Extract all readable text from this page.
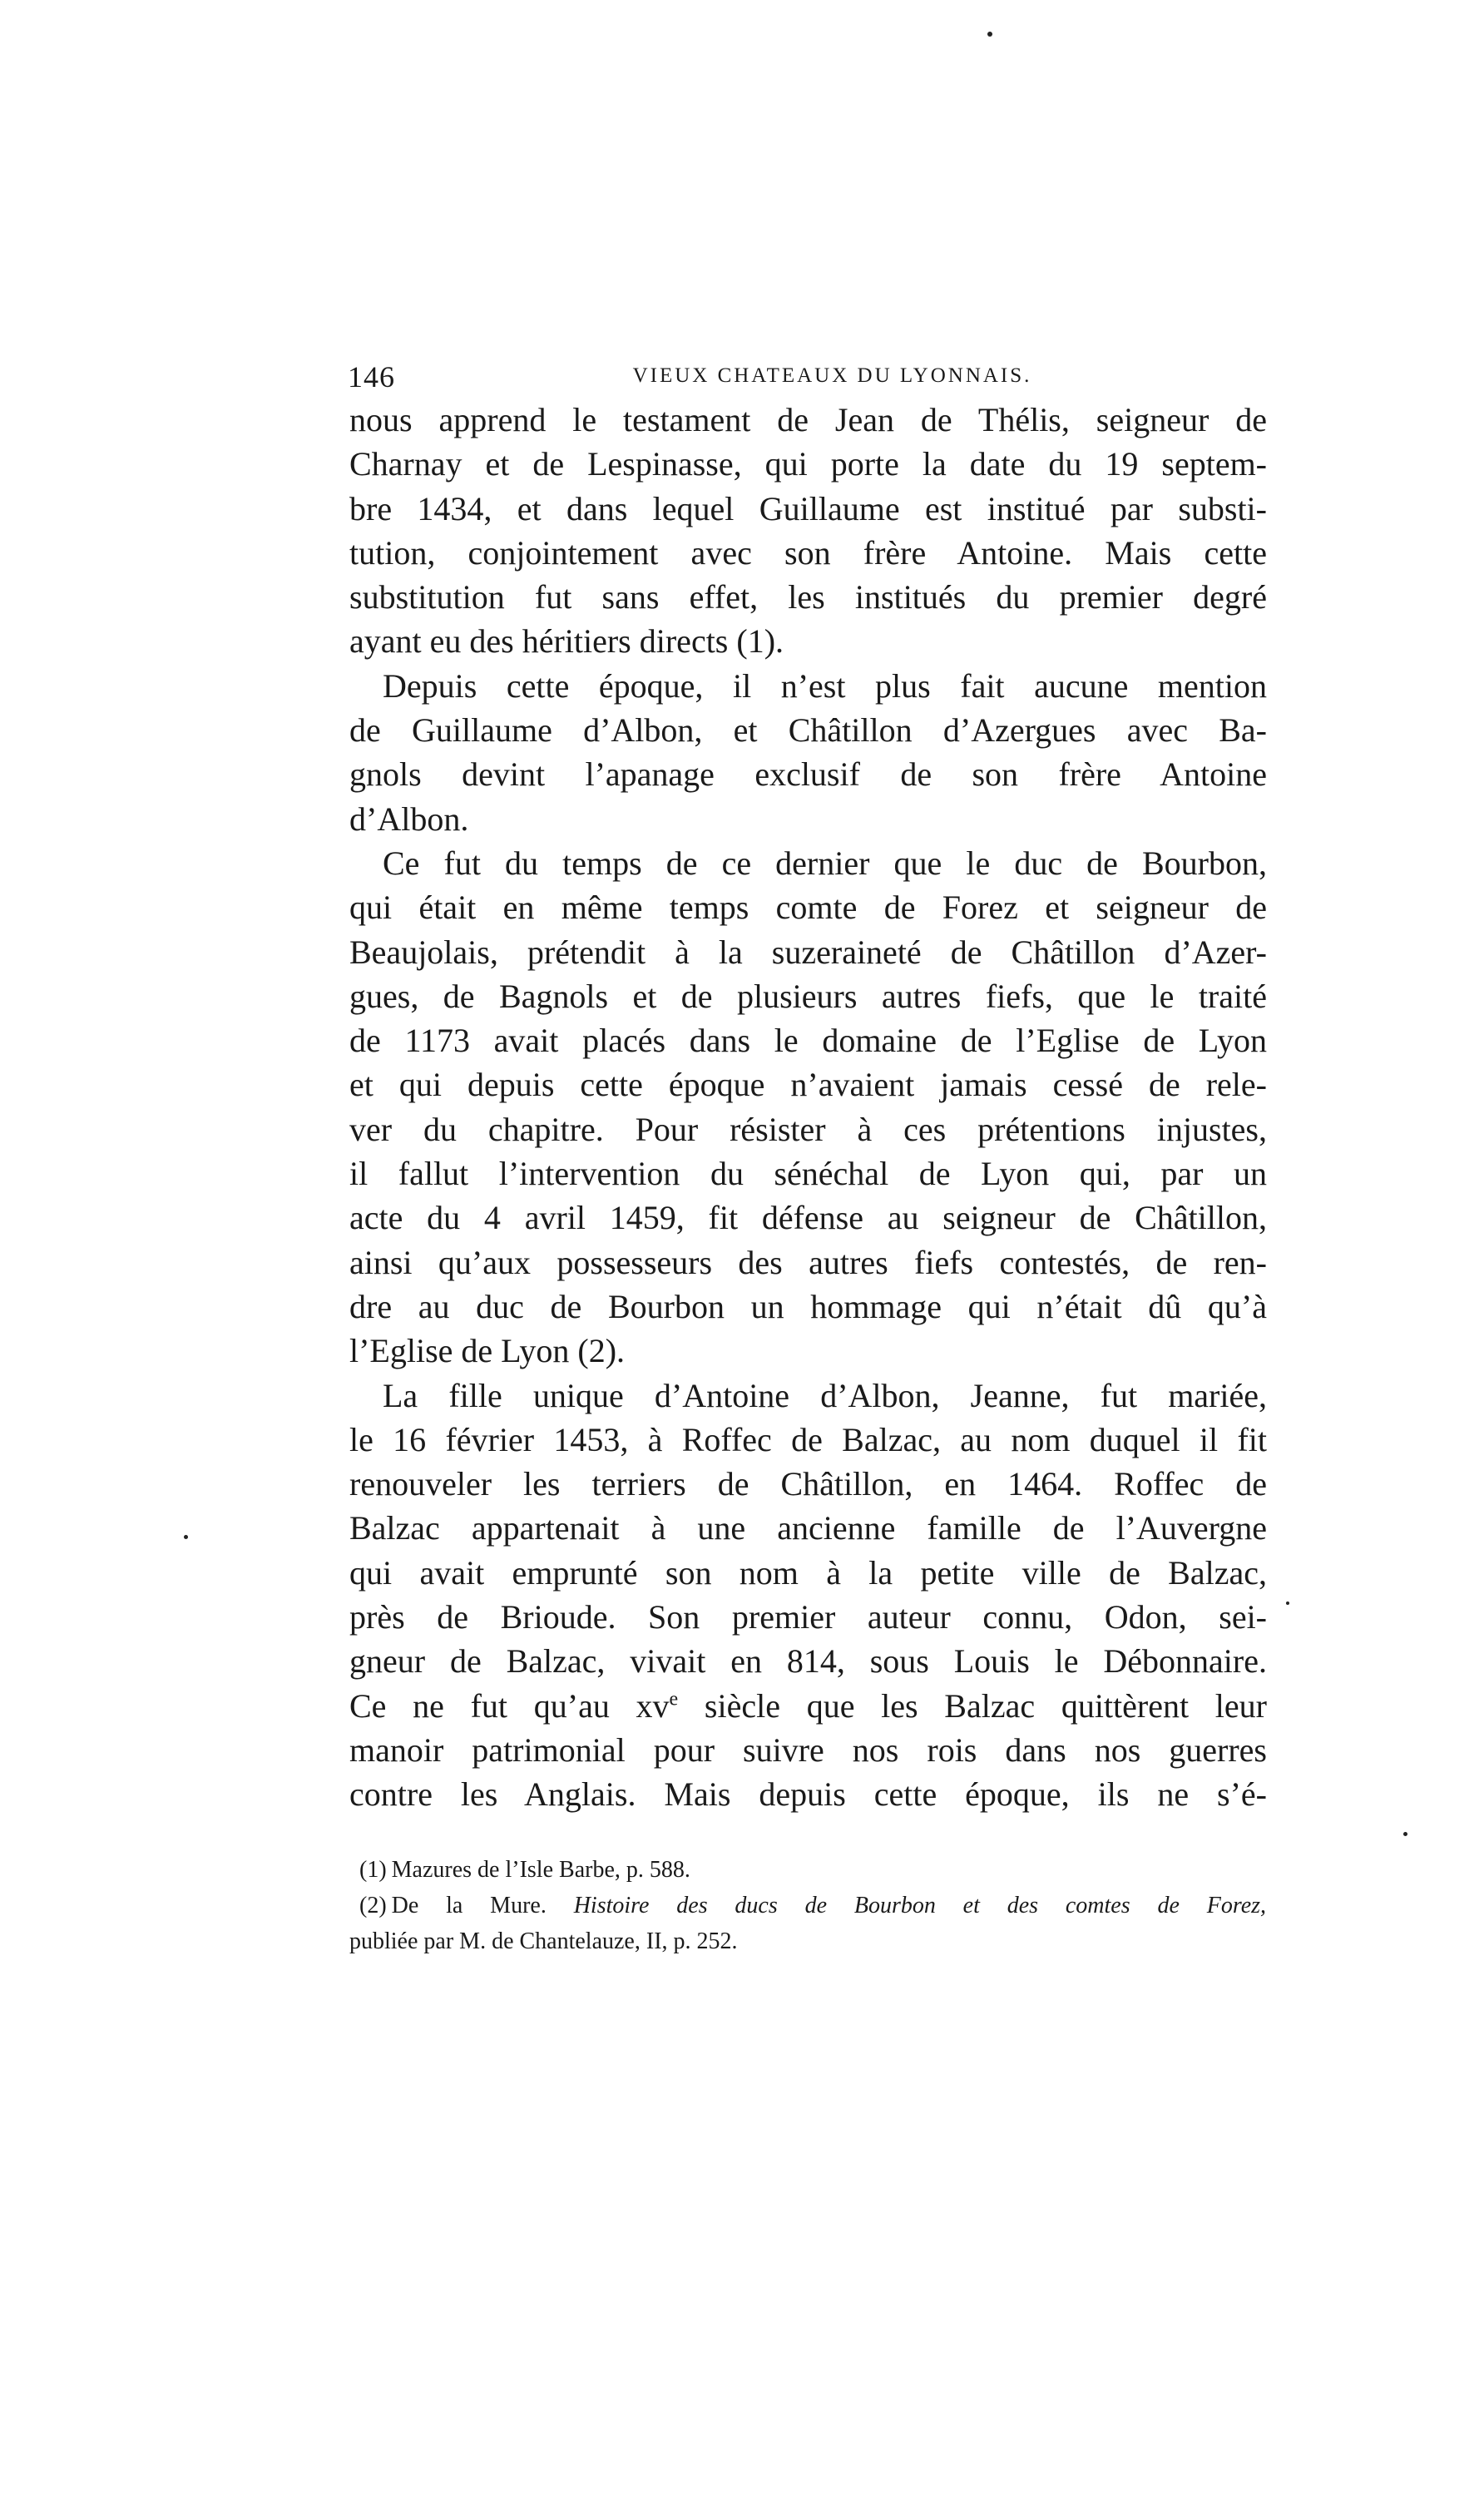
146	VIEUX CHATEAUX DU LYONNAIS.
nous apprend le testament de Jean de Thélis, seigneur de
Charnay et de Lespinasse, qui porte la date du 19 septem-
bre 1434, et dans lequel Guillaume est institué par substi-
tution, conjointement avec son frère Antoine. Mais cette
substitution fut sans effet, les institués du premier degré
ayant eu des héritiers directs (1).
Depuis cette époque, il n’est plus fait aucune mention
de Guillaume d’Albon, et Châtillon d’Azergues avec Ba-
gnols devint l’apanage exclusif de son frère Antoine
d’Albon.
Ce fut du temps de ce dernier que le duc de Bourbon,
qui était en même temps comte de Forez et seigneur de
Beaujolais, prétendit à la suzeraineté de Châtillon d’Azer-
gues, de Bagnols et de plusieurs autres fiefs, que le traité
de 1173 avait placés dans le domaine de l’Eglise de Lyon
et qui depuis cette époque n’avaient jamais cessé de rele-
ver du chapitre. Pour résister à ces prétentions injustes,
il fallut l’intervention du sénéchal de Lyon qui, par un
acte du 4 avril 1459, fit défense au seigneur de Châtillon,
ainsi qu’aux possesseurs des autres fiefs contestés, de ren-
dre au duc de Bourbon un hommage qui n’était dû qu’à
l’Eglise de Lyon (2).
La fille unique d’Antoine d’Albon, Jeanne, fut mariée,
le 16 février 1453, à Roffec de Balzac, au nom duquel il fit
renouveler les terriers de Châtillon, en 1464. Roffec de
Balzac appartenait à une ancienne famille de l’Auvergne
qui avait emprunté son nom à la petite ville de Balzac,
près de Brioude. Son premier auteur connu, Odon, sei-
gneur de Balzac, vivait en 814, sous Louis le Débonnaire.
Ce ne fut qu’au $xv^e$ siècle que les Balzac quittèrent leur
manoir patrimonial pour suivre nos rois dans nos guerres
contre les Anglais. Mais depuis cette époque, ils ne s’é-
(1) Mazures de l’Isle Barbe, p. 588.
(2) De la Mure. Histoire des ducs de Bourbon et des comtes de Forez,
publiée par M. de Chantelauze, II, p. 252.
